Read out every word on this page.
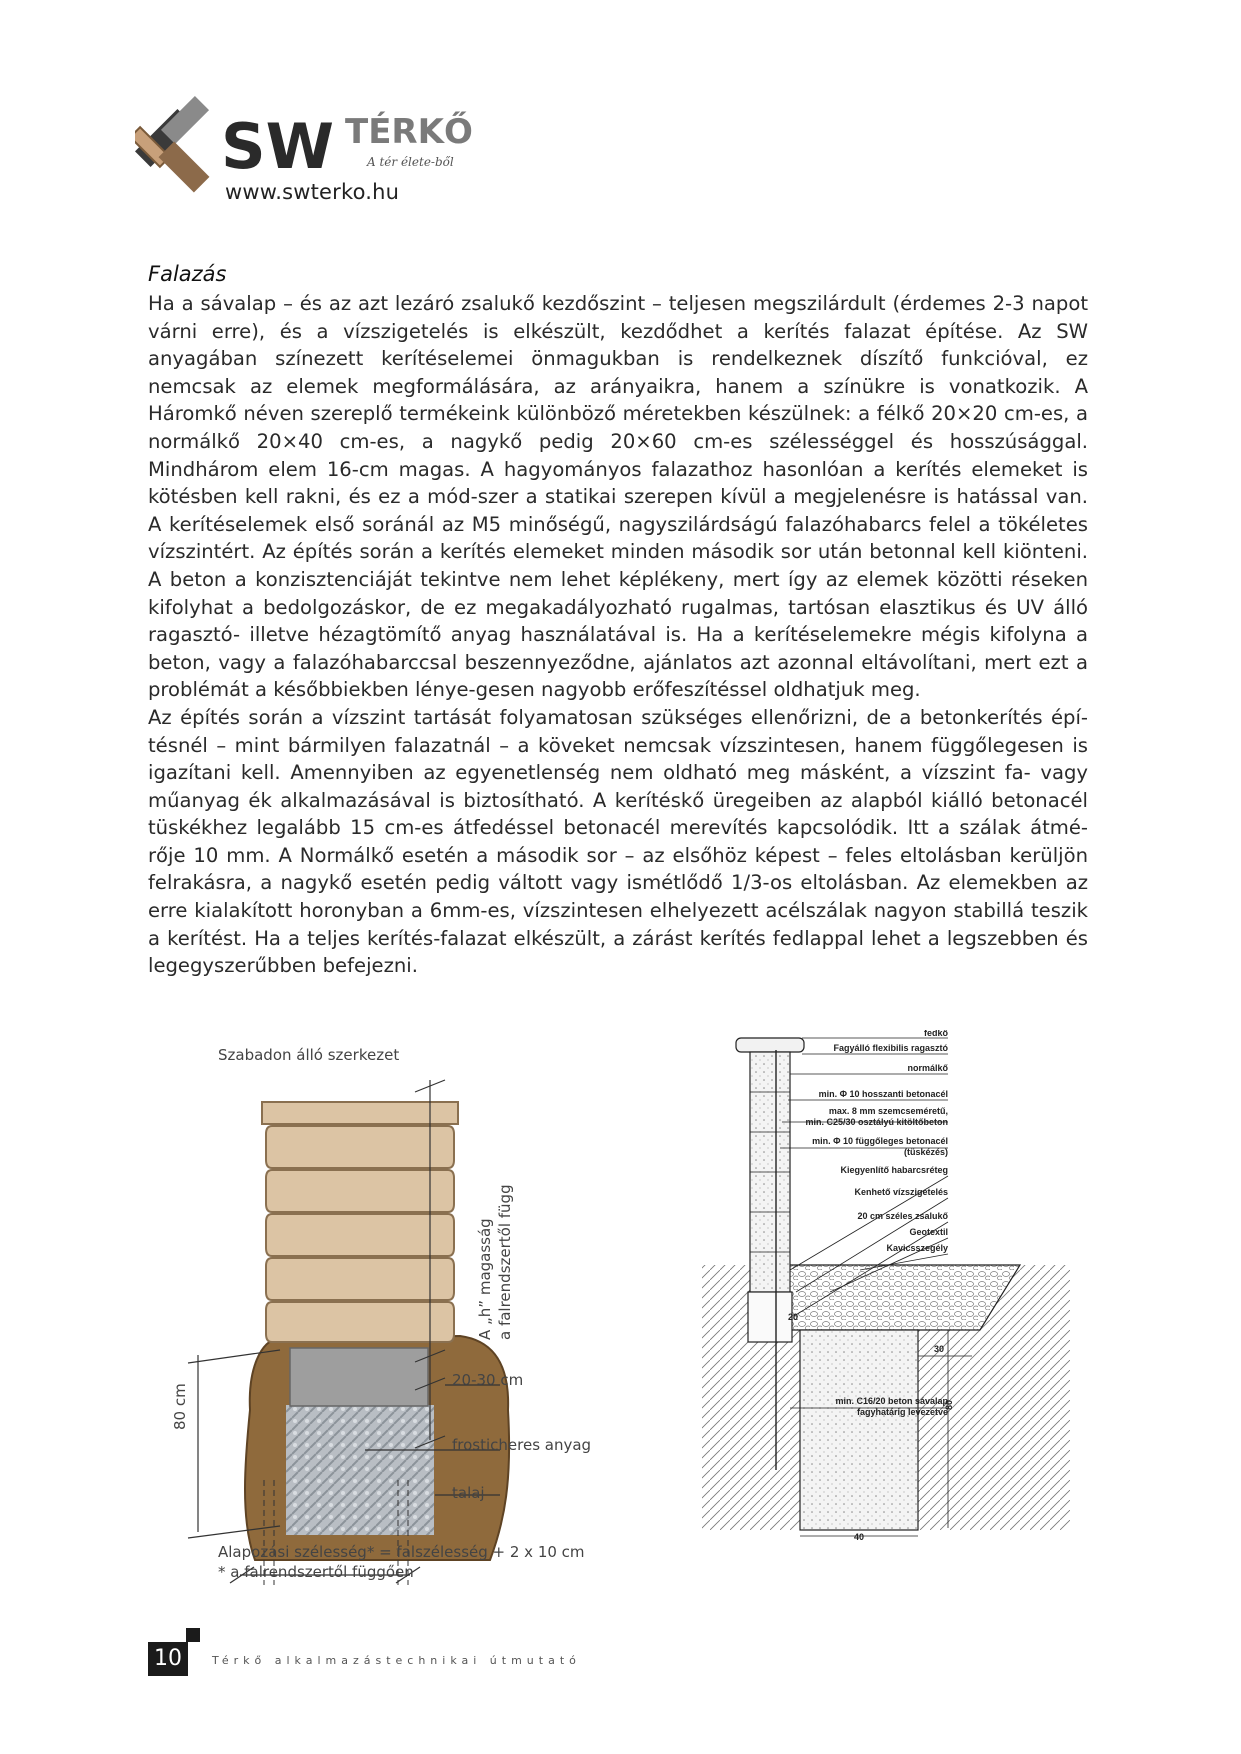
SW TÉRKŐ
A tér élete-ből
www.swterko.hu
Falazás

Ha a sávalap – és az azt lezáró zsalukő kezdőszint – teljesen megszilárdult (érdemes 2-3 napot várni erre), és a vízszigetelés is elkészült, kezdődhet a kerítés falazat építése. Az SW anyagában színezett kerítéselemei önmagukban is rendelkeznek díszítő funkcióval, ez nemcsak az elemek megformálására, az arányaikra, hanem a színükre is vonatkozik. A Háromkő néven szereplő termékeink különböző méretekben készülnek: a félkő 20×20 cm-es, a normálkő 20×40 cm-es, a nagykő pedig 20×60 cm-es szélességgel és hosszúsággal. Mindhárom elem 16-cm magas. A hagyományos falazathoz hasonlóan a kerítés elemeket is kötésben kell rakni, és ez a mód-szer a statikai szerepen kívül a megjelenésre is hatással van. A kerítéselemek első soránál az M5 minőségű, nagyszilárdságú falazóhabarcs felel a tökéletes vízszintért. Az építés során a kerítés elemeket minden második sor után betonnal kell kiönteni. A beton a konzisztenciáját tekintve nem lehet képlékeny, mert így az elemek közötti réseken kifolyhat a bedolgozáskor, de ez megakadályozható rugalmas, tartósan elasztikus és UV álló ragasztó- illetve hézagtömítő anyag használatával is. Ha a kerítéselemekre mégis kifolyna a beton, vagy a falazóhabarccsal beszennyeződne, ajánlatos azt azonnal eltávolítani, mert ezt a problémát a későbbiekben lénye-gesen nagyobb erőfeszítéssel oldhatjuk meg.

Az építés során a vízszint tartását folyamatosan szükséges ellenőrizni, de a betonkerítés épí-tésnél – mint bármilyen falazatnál – a köveket nemcsak vízszintesen, hanem függőlegesen is igazítani kell. Amennyiben az egyenetlenség nem oldható meg másként, a vízszint fa- vagy műanyag ék alkalmazásával is biztosítható. A kerítéskő üregeiben az alapból kiálló betonacél tüskékhez legalább 15 cm-es átfedéssel betonacél merevítés kapcsolódik. Itt a szálak átmé-rője 10 mm. A Normálkő esetén a második sor – az elsőhöz képest – feles eltolásban kerüljön felrakásra, a nagykő esetén pedig váltott vagy ismétlődő 1/3-os eltolásban. Az elemekben az erre kialakított horonyban a 6mm-es, vízszintesen elhelyezett acélszálak nagyon stabillá teszik a kerítést. Ha a teljes kerítés-falazat elkészült, a zárást kerítés fedlappal lehet a legszebben és legegyszerűbben befejezni.

Szabadon álló szerkezet
A „h” magasság a falrendszertől függ
80 cm
20-30 cm
frosticheres anyag
talaj
Alapozási szélesség* = falszélesség + 2 x 10 cm
* a falrendszertől függően
fedkő
Fagyálló flexibilis ragasztó
normálkő
min. Φ 10 hosszanti betonacél
max. 8 mm szemcseméretű,
min. C25/30 osztályú kitöltőbeton
min. Φ 10 függőleges betonacél
(tüskézés)
Kiegyenlítő habarcsréteg
Kenhető vízszigetelés
20 cm széles zsalukő
Geotextil
Kavicsszegély
min. C16/20 beton sávalap
fagyhatárig levezetve
20
30
80
40
10	Térkő alkalmazástechnikai útmutató
